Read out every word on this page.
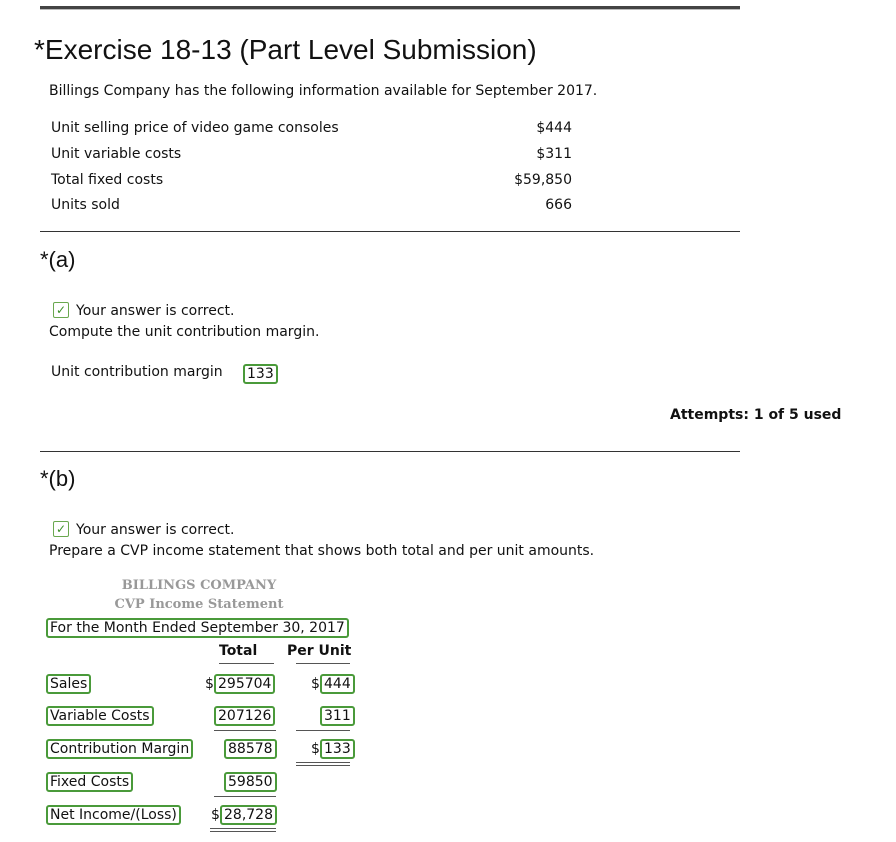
*Exercise 18-13 (Part Level Submission)
Billings Company has the following information available for September 2017.
Unit selling price of video game consoles	$444
Unit variable costs	$311
Total fixed costs	$59,850
Units sold	666
*(a)
✓ Your answer is correct.
Compute the unit contribution margin.
Unit contribution margin 133
Attempts: 1 of 5 used
*(b)
✓ Your answer is correct.
Prepare a CVP income statement that shows both total and per unit amounts.
BILLINGS COMPANY
CVP Income Statement
For the Month Ended September 30, 2017
Total Per Unit
Sales	$ 295704	$ 444
Variable Costs	207126	311
Contribution Margin	88578	$ 133
Fixed Costs	59850
Net Income/(Loss) $ 28,728
